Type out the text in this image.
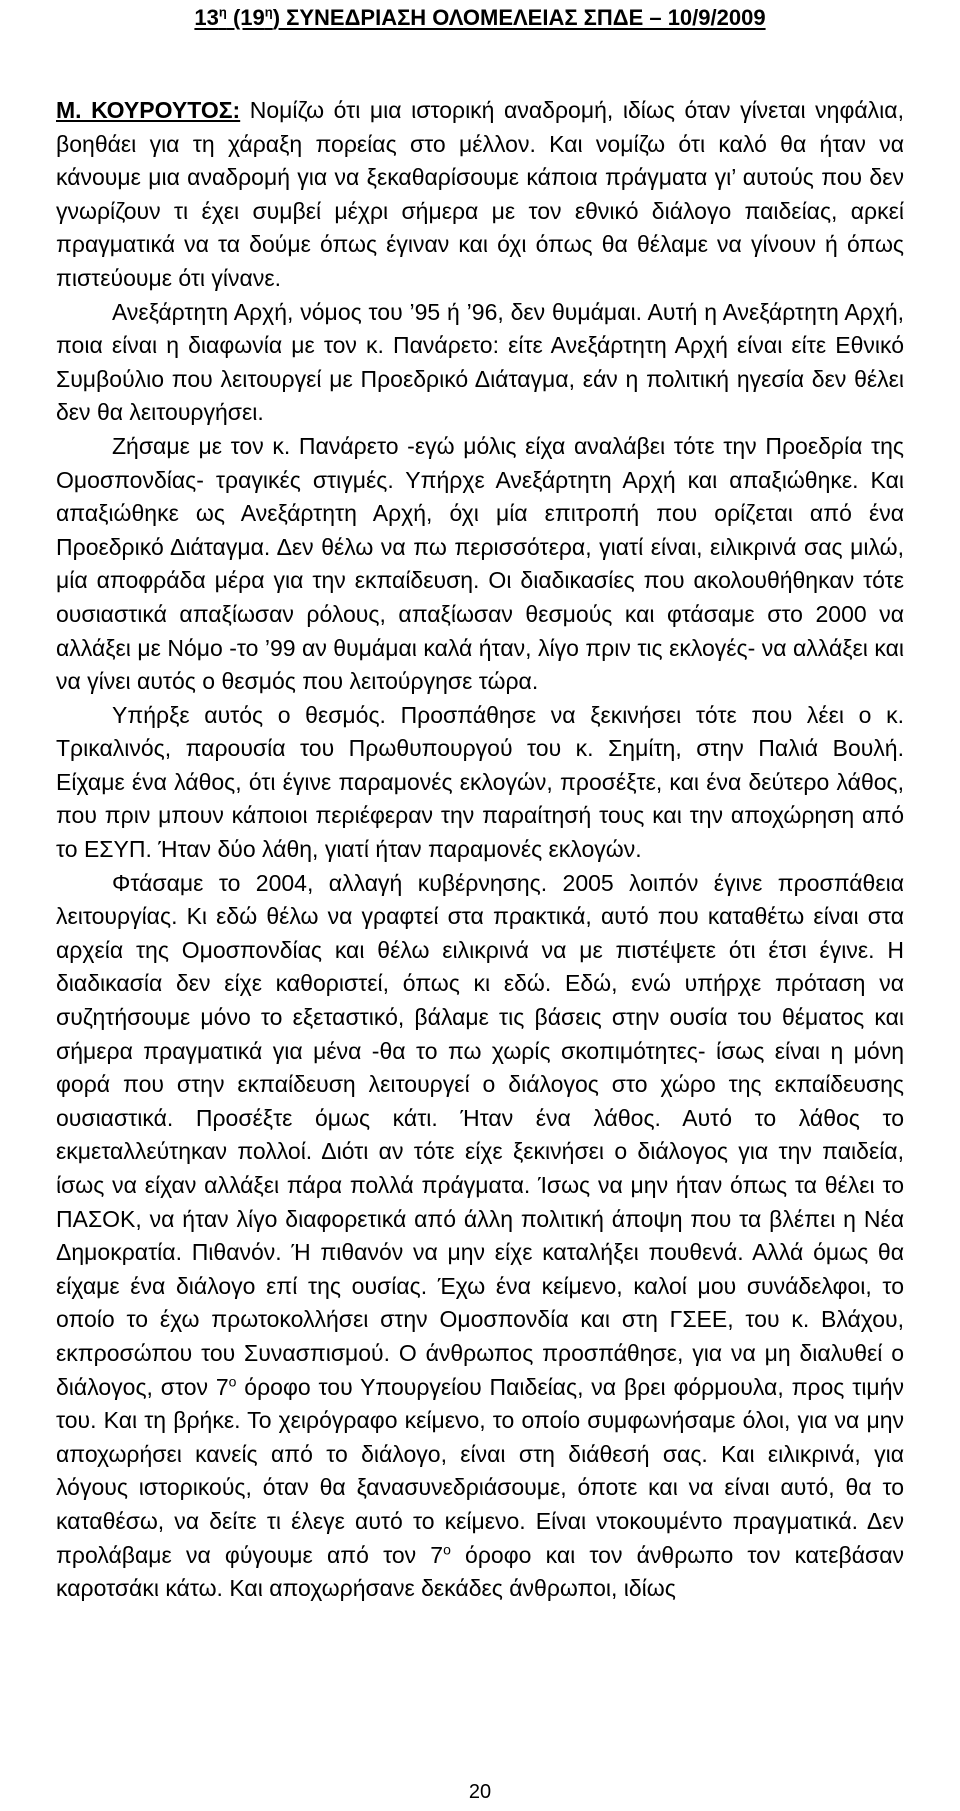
$13^\eta$ $(19^\eta)$ ΣΥΝΕΔΡΙΑΣΗ ΟΛΟΜΕΛΕΙΑΣ ΣΠΔΕ – 10/9/2009

Μ. ΚΟΥΡΟΥΤΟΣ: Νομίζω ότι μια ιστορική αναδρομή, ιδίως όταν γίνεται νηφάλια, βοηθάει για τη χάραξη πορείας στο μέλλον. Και νομίζω ότι καλό θα ήταν να κάνουμε μια αναδρομή για να ξεκαθαρίσουμε κάποια πράγματα γι’ αυτούς που δεν γνωρίζουν τι έχει συμβεί μέχρι σήμερα με τον εθνικό διάλογο παιδείας, αρκεί πραγματικά να τα δούμε όπως έγιναν και όχι όπως θα θέλαμε να γίνουν ή όπως πιστεύουμε ότι γίνανε.

Ανεξάρτητη Αρχή, νόμος του ’95 ή ’96, δεν θυμάμαι. Αυτή η Ανεξάρτητη Αρχή, ποια είναι η διαφωνία με τον κ. Πανάρετο: είτε Ανεξάρτητη Αρχή είναι είτε Εθνικό Συμβούλιο που λειτουργεί με Προεδρικό Διάταγμα, εάν η πολιτική ηγεσία δεν θέλει δεν θα λειτουργήσει.

Ζήσαμε με τον κ. Πανάρετο -εγώ μόλις είχα αναλάβει τότε την Προεδρία της Ομοσπονδίας- τραγικές στιγμές. Υπήρχε Ανεξάρτητη Αρχή και απαξιώθηκε. Και απαξιώθηκε ως Ανεξάρτητη Αρχή, όχι μία επιτροπή που ορίζεται από ένα Προεδρικό Διάταγμα. Δεν θέλω να πω περισσότερα, γιατί είναι, ειλικρινά σας μιλώ, μία αποφράδα μέρα για την εκπαίδευση. Οι διαδικασίες που ακολουθήθηκαν τότε ουσιαστικά απαξίωσαν ρόλους, απαξίωσαν θεσμούς και φτάσαμε στο 2000 να αλλάξει με Νόμο -το ’99 αν θυμάμαι καλά ήταν, λίγο πριν τις εκλογές- να αλλάξει και να γίνει αυτός ο θεσμός που λειτούργησε τώρα.

Υπήρξε αυτός ο θεσμός. Προσπάθησε να ξεκινήσει τότε που λέει ο κ. Τρικαλινός, παρουσία του Πρωθυπουργού του κ. Σημίτη, στην Παλιά Βουλή. Είχαμε ένα λάθος, ότι έγινε παραμονές εκλογών, προσέξτε, και ένα δεύτερο λάθος, που πριν μπουν κάποιοι περιέφεραν την παραίτησή τους και την αποχώρηση από το ΕΣΥΠ. Ήταν δύο λάθη, γιατί ήταν παραμονές εκλογών.

Φτάσαμε το 2004, αλλαγή κυβέρνησης. 2005 λοιπόν έγινε προσπάθεια λειτουργίας. Κι εδώ θέλω να γραφτεί στα πρακτικά, αυτό που καταθέτω είναι στα αρχεία της Ομοσπονδίας και θέλω ειλικρινά να με πιστέψετε ότι έτσι έγινε. Η διαδικασία δεν είχε καθοριστεί, όπως κι εδώ. Εδώ, ενώ υπήρχε πρόταση να συζητήσουμε μόνο το εξεταστικό, βάλαμε τις βάσεις στην ουσία του θέματος και σήμερα πραγματικά για μένα -θα το πω χωρίς σκοπιμότητες- ίσως είναι η μόνη φορά που στην εκπαίδευση λειτουργεί ο διάλογος στο χώρο της εκπαίδευσης ουσιαστικά. Προσέξτε όμως κάτι. Ήταν ένα λάθος. Αυτό το λάθος το εκμεταλλεύτηκαν πολλοί. Διότι αν τότε είχε ξεκινήσει ο διάλογος για την παιδεία, ίσως να είχαν αλλάξει πάρα πολλά πράγματα. Ίσως να μην ήταν όπως τα θέλει το ΠΑΣΟΚ, να ήταν λίγο διαφορετικά από άλλη πολιτική άποψη που τα βλέπει η Νέα Δημοκρατία. Πιθανόν. Ή πιθανόν να μην είχε καταλήξει πουθενά. Αλλά όμως θα είχαμε ένα διάλογο επί της ουσίας. Έχω ένα κείμενο, καλοί μου συνάδελφοι, το οποίο το έχω πρωτοκολλήσει στην Ομοσπονδία και στη ΓΣΕΕ, του κ. Βλάχου, εκπροσώπου του Συνασπισμού. Ο άνθρωπος προσπάθησε, για να μη διαλυθεί ο διάλογος, στον $7^o$ όροφο του Υπουργείου Παιδείας, να βρει φόρμουλα, προς τιμήν του. Και τη βρήκε. Το χειρόγραφο κείμενο, το οποίο συμφωνήσαμε όλοι, για να μην αποχωρήσει κανείς από το διάλογο, είναι στη διάθεσή σας. Και ειλικρινά, για λόγους ιστορικούς, όταν θα ξανασυνεδριάσουμε, όποτε και να είναι αυτό, θα το καταθέσω, να δείτε τι έλεγε αυτό το κείμενο. Είναι ντοκουμέντο πραγματικά. Δεν προλάβαμε να φύγουμε από τον $7^o$ όροφο και τον άνθρωπο τον κατεβάσαν καροτσάκι κάτω. Και αποχωρήσανε δεκάδες άνθρωποι, ιδίως

20
